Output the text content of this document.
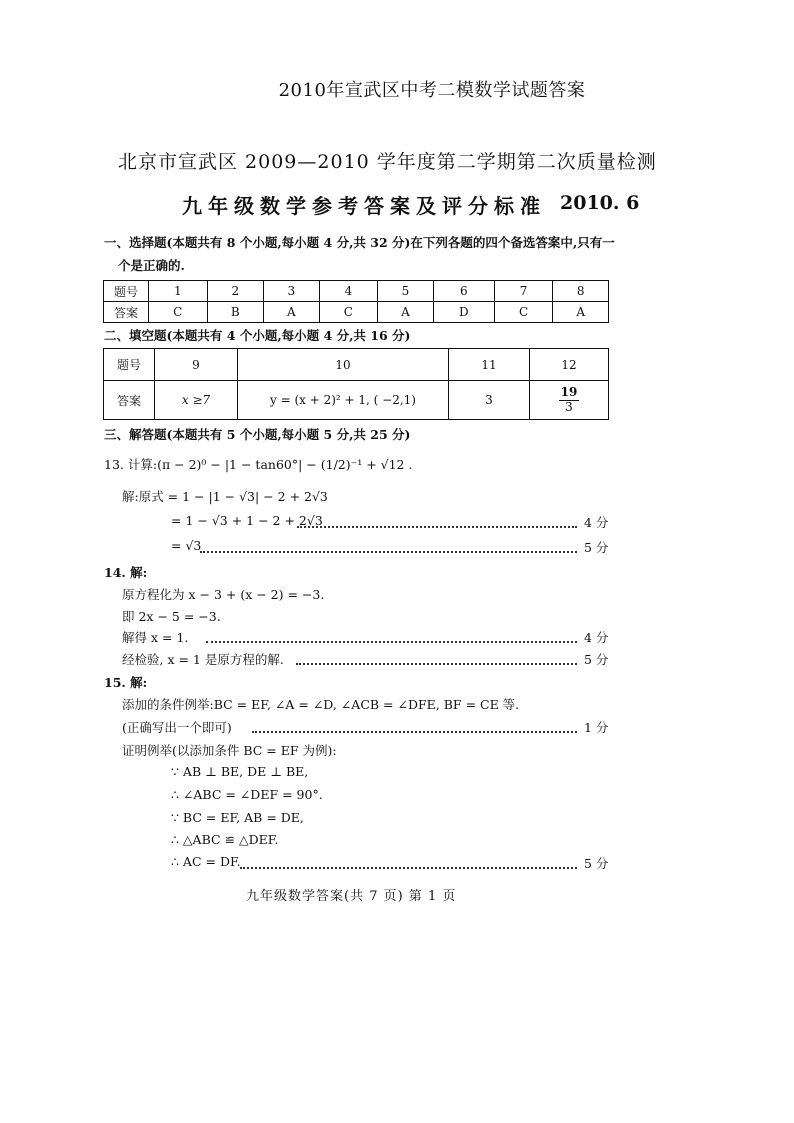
2010年宣武区中考二模数学试题答案
北京市宣武区 2009—2010 学年度第二学期第二次质量检测
九年级数学参考答案及评分标准 2010. 6
一、选择题(本题共有 8 个小题,每小题 4 分,共 32 分)在下列各题的四个备选答案中,只有一
个是正确的.
题号	1	2	3	4	5	6	7	8
答案	C	B	A	C	A	D	C	A
二、填空题(本题共有 4 个小题,每小题 4 分,共 16 分)
题号	9	10	11	12
答案	x ≥7	y = (x + 2)² + 1, ( −2,1)	3	$\frac{19}{3}$
三、解答题(本题共有 5 个小题,每小题 5 分,共 25 分)
13. 计算:(π − 2)⁰ − |1 − tan60°| − (1/2)⁻¹ + √12 .
解:原式 = 1 − |1 − √3| − 2 + 2√3
= 1 − √3 + 1 − 2 + 2√3	4 分
= √3	5 分
14. 解:
原方程化为 x − 3 + (x − 2) = −3.
即 2x − 5 = −3.
解得 x = 1.	4 分
经检验, x = 1 是原方程的解.	5 分
15. 解:
添加的条件例举:BC = EF, ∠A = ∠D, ∠ACB = ∠DFE, BF = CE 等.
(正确写出一个即可)	1 分
证明例举(以添加条件 BC = EF 为例):
∵ AB ⊥ BE, DE ⊥ BE,
∴ ∠ABC = ∠DEF = 90°.
∵ BC = EF, AB = DE,
∴ △ABC ≌ △DEF.
∴ AC = DF.	5 分
九年级数学答案(共 7 页) 第 1 页
